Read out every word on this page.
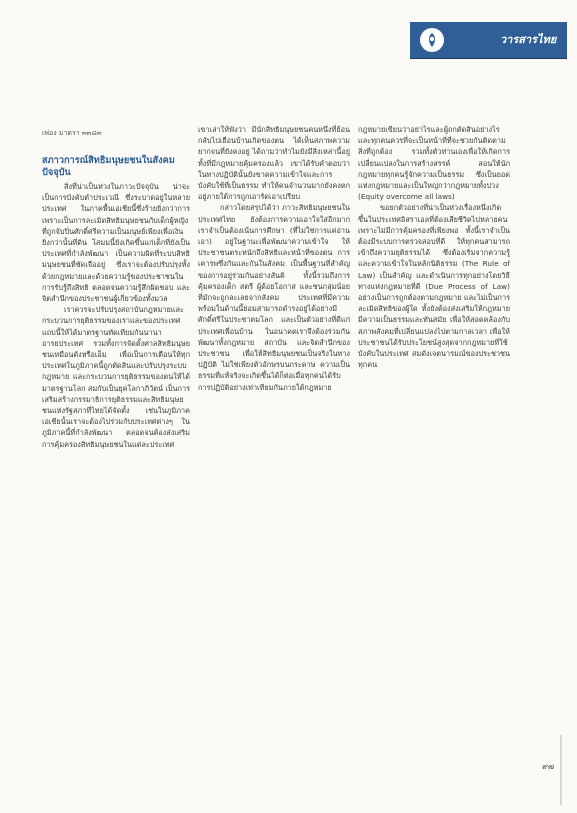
วารสารไทย
เพ่อง มาตรา ๓๓๘๓
สภาวการณ์สิทธิมนุษยชนในสังคมปัจจุบัน

สิ่งที่น่าเป็นห่วงในภาวะปัจจุบัน น่าจะเป็นการบังคับตำประเวณี ซึ่งระบาดอยู่ในหลายประเทศ ในภาคพื้นเอเชียนี้ซึ่งร้ายยิ่งกว่าการ เพราะเป็นการละเมิดสิทธิมนุษยชนกับเด็กผู้หญิงที่ถูกจับปิ่นศักดิ์ศรีความเป็นมนุษย์เพียงเพื่อเงิน ยิ่งกว่านั้นที่ดิน โสมมนี้ยังเกิดขึ้นแก่เด็กที่ยังเป็นประเทศที่กำลังพัฒนา เป็นความผิดที่ระบบสิทธิมนุษยชนที่ชัดเจืออยู่ ซึ่งเราจะต้องปรับปรุงทั้งด้วยกฎหมายและด้วยความรู้ของประชาชนในการรับรู้ถึงสิทธิ ตลอดจนความรู้สึกผิดชอบ และจิตสำนึกของประชาชนผู้เกี่ยวข้องทั้งมวล

เราควรจะปรับปรุงสถาบันกฎหมายและกระบวนการยุติธรรมของเราและของประเทศแถบนี้ให้ได้มาตรฐานทัดเทียมกันนานาอารยประเทศ รวมทั้งการจัดตั้งศาลสิทธิมนุษยชนเหมือนดังหรือเอ็ม เพื่อเป็นการเตือนให้ทุกประเทศในภูมิภาคนี้ถูกตัดสินและปรับปรุงระบบกฎหมาย และกระบวนการยุติธรรมของตนให้ได้มาตรฐานโลก สมกับเป็นยุคโลกาภิวัตน์ เป็นการเสริมสร้างกรรมาธิการยุติธรรมและสิทธิมนุษยชนแห่งรัฐสภาที่ไทยได้จัดตั้ง เช่นในภูมิภาคเอเชียนั้นเราจะต้องไปร่วมกับประเทศต่างๆ ในภูมิภาคนี้ที่กำลังพัฒนา ตลอดจนต้องส่งเสริมการคุ้มครองสิทธิมนุษยชนในแต่ละประเทศ

เขาเล่าให้ฟังว่า มีนักสิทธิมนุษยชนคนหนึ่งที่ย้อนกลับไปเยือนบ้านเกิดของตน ได้เห็นสภาพความยากจนที่ยังคงอยู่ ได้ถามว่าทำไมยังมีสิ่งเหล่านี้อยู่ ทั้งที่มีกฎหมายคุ้มครองแล้ว เขาได้รับคำตอบว่าในทางปฏิบัตินั้นยังขาดความเข้าใจและการบังคับใช้ที่เป็นธรรม ทำให้คนจำนวนมากยังคงตกอยู่ภายใต้การถูกเอารัดเอาเปรียบ

กล่าวโดยสรุปได้ว่า ภาวะสิทธิมนุษยชนในประเทศไทย ยังต้องการความเอาใจใส่อีกมาก เราจำเป็นต้องเน้นการศึกษา (ที่ไม่ใช่การแค่อ่านเอา) อยู่ในฐานะเพื่อพัฒนาความเข้าใจ ให้ประชาชนตระหนักถึงสิทธิและหน้าที่ของตน การเคารพซึ่งกันและกันในสังคม เป็นพื้นฐานที่สำคัญของการอยู่ร่วมกันอย่างสันติ ทั้งนี้รวมถึงการคุ้มครองเด็ก สตรี ผู้ด้อยโอกาส และชนกลุ่มน้อย ที่มักจะถูกละเลยจากสังคม ประเทศที่มีความพร้อมในด้านนี้ย่อมสามารถดำรงอยู่ได้อย่างมีศักดิ์ศรีในประชาคมโลก และเป็นตัวอย่างที่ดีแก่ประเทศเพื่อนบ้าน ในอนาคตเราจึงต้องร่วมกันพัฒนาทั้งกฎหมาย สถาบัน และจิตสำนึกของประชาชน เพื่อให้สิทธิมนุษยชนเป็นจริงในทางปฏิบัติ ไม่ใช่เพียงตัวอักษรบนกระดาษ ความเป็นธรรมที่แท้จริงจะเกิดขึ้นได้ก็ต่อเมื่อทุกคนได้รับการปฏิบัติอย่างเท่าเทียมกันภายใต้กฎหมาย

กฎหมายเขียนว่าอย่าไรและผู้ถกตัดสินอย่างไร และทุกคนควรที่จะเป็นหน้าที่ที่จะช่วยกันติดตามสิ่งที่ถูกต้อง รวมทั้งตัวท่านเองเพื่อให้เกิดการเปลี่ยนแปลงในการสร้างสรรค์ สอนให้นักกฎหมายทุกคนรู้จักความเป็นธรรม ซึ่งเป็นยอดแห่งกฎหมายและเป็นใหญ่กว่ากฎหมายทั้งปวง (Equity overcome all laws)

ขอยกตัวอย่างที่น่าเป็นห่วงเรื่องหนึ่งเกิดขึ้นในประเทศอิสราเอลที่ต้องเสียชีวิตไปหลายคน เพราะไม่มีการคุ้มครองที่เพียงพอ ทั้งนี้เราจำเป็นต้องมีระบบการตรวจสอบที่ดี ให้ทุกคนสามารถเข้าถึงความยุติธรรมได้ ซึ่งต้องเริ่มจากความรู้และความเข้าใจในหลักนิติธรรม (The Rule of Law) เป็นสำคัญ และดำเนินการทุกอย่างโดยวิธีทางแห่งกฎหมายที่ดี (Due Process of Law) อย่างเป็นการถูกต้องตามกฎหมาย และไม่เป็นการละเมิดสิทธิของผู้ใด ทั้งยังต้องส่งเสริมให้กฎหมายมีความเป็นธรรมและทันสมัย เพื่อให้สอดคล้องกับสภาพสังคมที่เปลี่ยนแปลงไปตามกาลเวลา เพื่อให้ประชาชนได้รับประโยชน์สูงสุดจากกฎหมายที่ใช้บังคับในประเทศ สมดังเจตนารมณ์ของประชาชนทุกคน

๙๗
